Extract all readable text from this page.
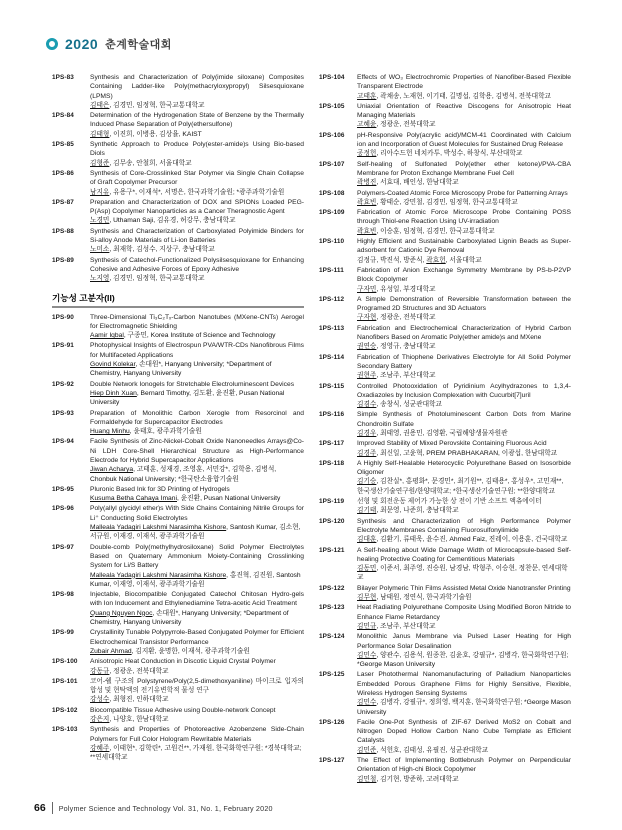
2020 춘계학술대회
1PS-83	Synthesis and Characterization of Poly(imide siloxane) Composites Containing Ladder-like Poly(methacryloxypropyl) Silsesquioxane (LPMS)
김태은, 김경민, 임정혁, 한국교통대학교
1PS-84	Determination of the Hydrogenation State of Benzene by the Thermally Induced Phase Separation of Poly(ethersulfone)
김태형, 이진희, 이병용, 김상율, KAIST
1PS-85	Synthetic Approach to Produce Poly(ester-amide)s Using Bio-based Diols
김형준, 김무송, 안철희, 서울대학교
1PS-86	Synthesis of Core-Crosslinked Star Polymer via Single Chain Collapse of Graft Copolymer Precursor
남지유, 유용구*, 이재석*, 서명은, 한국과학기술원; *광주과학기술원
1PS-87	Preparation and Characterization of DOX and SPIONs Loaded PEG-P(Asp) Copolymer Nanoparticles as a Cancer Theragnostic Agent
노경민, Uthaman Saji, 김유경, 허강무, 충남대학교
1PS-88	Synthesis and Characterization of Carboxylated Polyimide Binders for Si-alloy Anode Materials of Li-ion Batteries
노미소, 최재학, 김성수, 지상구, 충남대학교
1PS-89	Synthesis of Catechol-Functionalized Polysilsesquioxane for Enhancing Cohesive and Adhesive Forces of Epoxy Adhesive
노지영, 김경민, 임정혁, 한국교통대학교
기능성 고분자(II)
1PS-90	Three-Dimensional Ti₃C₂Tₓ-Carbon Nanotubes (MXene-CNTs) Aerogel for Electromagnetic Shielding
Aamir Iqbal, 구종민, Korea Institute of Science and Technology
1PS-91	Photophysical Insights of Electrospun PVA/WTR-CDs Nanofibrous Films for Multifaceted Applications
Govind Kolekar, 손대원*, Hanyang University; *Department of Chemistry, Hanyang University
1PS-92	Double Network Ionogels for Stretchable Electroluminescent Devices
Hiep Dinh Xuan, Bernard Timothy, 김도환, 윤진환, Pusan National University
1PS-93	Preparation of Monolithic Carbon Xerogle from Resorcinol and Formaldehyde for Supercapacitor Electrodes
Huang Minhu, 윤태호, 광주과학기술원
1PS-94	Facile Synthesis of Zinc-Nickel-Cobalt Oxide Nanoneedles Arrays@Co-Ni LDH Core-Shell Hierarchical Structure as High-Performance Electrode for Hybrid Supercapacitor Applications
Jiwan Acharya, 고태훈, 성재경, 조영훈, 서민강*, 김학용, 김병석, Chonbuk National University; *한국탄소융합기술원
1PS-95	Pluronic Based Ink for 3D Printing of Hydrogels
Kusuma Betha Cahaya Imani, 윤진환, Pusan National University
1PS-96	Poly(allyl glycidyl ether)s With Side Chains Containing Nitrile Groups for Li⁺ Conducting Solid Electrolytes
Malleala Yadagiri Lakshmi Narasimha Kishore, Santosh Kumar, 김소현, 서규원, 이재경, 이재석, 광주과학기술원
1PS-97	Double-comb Poly(methylhydrosiloxane) Solid Polymer Electrolytes Based on Quaternary Ammonium Moiety-Containing Crosslinking System for Li/S Battery
Malleala Yadagiri Lakshmi Narasimha Kishore, 홍진혁, 김진원, Santosh Kumar, 이재영, 이재석, 광주과학기술원
1PS-98	Injectable, Biocompatible Conjugated Catechol Chitosan Hydro-gels with Ion Inducement and Ethylenediamine Tetra-acetic Acid Treatment
Quang Nguyen Ngoc, 손대원*, Hanyang University; *Department of Chemistry, Hanyang University
1PS-99	Crystallinity Tunable Polypyrrole-Based Conjugated Polymer for Efficient Electrochemical Transistor Performance
Zubair Ahmad, 김지환, 윤명한, 이재석, 광주과학기술원
1PS-100	Anisotropic Heat Conduction in Discotic Liquid Crystal Polymer
강동규, 정광운, 전북대학교
1PS-101	코어-쉘 구조의 Polystyrene/Poly(2,5-dimethoxyaniline) 마이크로 입자의 합성 및 현탁액의 전기유변학적 물성 연구
강성수, 최형진, 인하대학교
1PS-102	Biocompatible Tissue Adhesive using Double-network Concept
강은지, 나양호, 한남대학교
1PS-103	Synthesis and Properties of Photoreactive Azobenzene Side-Chain Polymers for Full Color Hologram Rewritable Materials
강혜주, 이태현*, 김학린*, 고원건**, 가재원, 한국화학연구원; *경북대학교; **연세대학교
1PS-104	Effects of WO₃ Electrochromic Properties of Nanofiber-Based Flexible Transparent Electrode
고태훈, 곽채송, 노재현, 이기태, 길명섭, 김학용, 김병석, 전북대학교
1PS-105	Uniaxial Orientation of Reactive Discogens for Anisotropic Heat Managing Materials
고혜윤, 정광운, 전북대학교
1PS-106	pH-Responsive Poly(acrylic acid)/MCM-41 Coordinated with Calcium ion and Incorporation of Guest Molecules for Sustained Drug Release
공정헌, 리아수드헌 네치카투, 박성수, 하창식, 부산대학교
1PS-107	Self-healing of Sulfonated Poly(ether ether ketone)/PVA-CBA Membrane for Proton Exchange Membrane Fuel Cell
곽병진, 서효대, 배인성, 한남대학교
1PS-108	Polymers-Coated Atomic Force Microscopy Probe for Patterning Arrays
곽효빈, 황태순, 강민철, 김경민, 임정혁, 한국교통대학교
1PS-109	Fabrication of Atomic Force Microscope Probe Containing POSS through Thiol-ene Reaction Using UV-irradiation
곽효빈, 이승훈, 임정혁, 김경민, 한국교통대학교
1PS-110	Highly Efficient and Sustainable Carboxylated Lignin Beads as Super-adsorbent for Cationic Dye Removal
김정규, 박진석, 방준식, 곽효헌, 서울대학교
1PS-111	Fabrication of Anion Exchange Symmetry Membrane by PS-b-P2VP Block Copolymer
구자민, 유성일, 부경대학교
1PS-112	A Simple Demonstration of Reversible Transformation between the Programed 2D Structures and 3D Actuators
구자현, 정광운, 전북대학교
1PS-113	Fabrication and Electrochemical Characterization of Hybrid Carbon Nanofibers Based on Aromatic Poly(ether amide)s and MXene
권연승, 정영규, 충남대학교
1PS-114	Fabrication of Thiophene Derivatives Electrolyte for All Solid Polymer Secondary Battery
권현주, 조남주, 부산대학교
1PS-115	Controlled Photooxidation of Pyridinium Acylhydrazones to 1,3,4-Oxadiazoles by Inclusion Complexation with Cucurbit[7]uril
김겸수, 송창식, 성균관대학교
1PS-116	Simple Synthesis of Photoluminescent Carbon Dots from Marine Chondroitin Sulfate
김경우, 최태영, 권용민, 김영환, 국립해양생물자원관
1PS-117	Improved Stability of Mixed Perovskite Containing Fluorous Acid
김경주, 최신일, 고윤혁, PREM PRABHAKARAN, 이광섭, 한남대학교
1PS-118	A Highly Self-Healable Heterocyclic Polyurethane Based on Isosorbide Oligomer
김기승, 김찬실*, 홍평화*, 문경민*, 최기원**, 김태용*, 홍성우*, 고민재**, 한국생산기술연구원/한양대학교; *한국생산기술연구원; **한양대학교
1PS-119	선형 및 회전운동 제어가 가능한 상 전이 기반 소프트 액츄에이터
김기태, 최문영, 나준희, 충남대학교
1PS-120	Synthesis and Characterization of High Performance Polymer Electrolyte Membranes Containing Fluorosulfonylimide
김대훈, 김환기, 류태욱, 윤수진, Ahmed Faiz, 진레이, 이용훈, 건국대학교
1PS-121	A Self-healing about Wide Damage Width of Microcapsule-based Self-healing Protective Coating for Cementitious Materials
김동민, 이준서, 최주영, 진승원, 남경남, 박형주, 이승현, 정찬문, 연세대학교
1PS-122	Bilayer Polymeric Thin Films Assisted Metal Oxide Nanotransfer Printing
김무현, 남태원, 정연식, 한국과학기술원
1PS-123	Heat Radiating Polyurethane Composite Using Modified Boron Nitride to Enhance Flame Retardancy
김민규, 조남주, 부산대학교
1PS-124	Monolithic Janus Membrane via Pulsed Laser Heating for High Performance Solar Desalination
김민수, 양관수, 김용석, 원종찬, 김윤호, 강필규*, 김병각, 한국화학연구원; *George Mason University
1PS-125	Laser Photothermal Nanomanufacturing of Palladium Nanoparticles Embedded Porous Graphene Films for Highly Sensitive, Flexible, Wireless Hydrogen Sensing Systems
김민수, 김병각, 강필규*, 정희영, 백지훈, 한국화학연구원; *George Mason University
1PS-126	Facile One-Pot Synthesis of ZIF-67 Derived MoS2 on Cobalt and Nitrogen Doped Hollow Carbon Nano Cube Template as Efficient Catalysts
김민준, 석헌호, 김태성, 유필진, 성균관대학교
1PS-127	The Effect of Implementing Bottlebrush Polymer on Perpendicular Orientation of High-chi Block Copolymer
김민철, 김기현, 방준하, 고려대학교
66 Polymer Science and Technology Vol. 31, No. 1, February 2020
